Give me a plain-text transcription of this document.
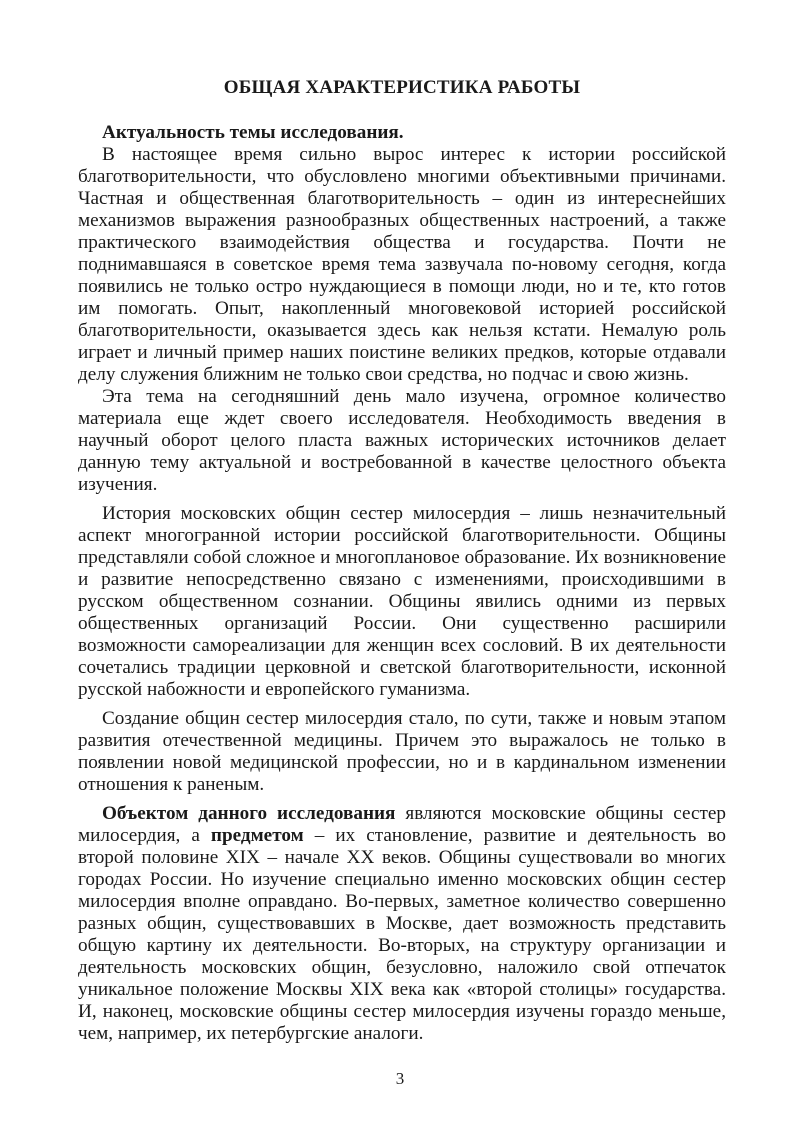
ОБЩАЯ ХАРАКТЕРИСТИКА РАБОТЫ

Актуальность темы исследования.

В настоящее время сильно вырос интерес к истории российской благотворительности, что обусловлено многими объективными причинами. Частная и общественная благотворительность – один из интереснейших механизмов выражения разнообразных общественных настроений, а также практического взаимодействия общества и государства. Почти не поднимавшаяся в советское время тема зазвучала по-новому сегодня, когда появились не только остро нуждающиеся в помощи люди, но и те, кто готов им помогать. Опыт, накопленный многовековой историей российской благотворительности, оказывается здесь как нельзя кстати. Немалую роль играет и личный пример наших поистине великих предков, которые отдавали делу служения ближним не только свои средства, но подчас и свою жизнь.

Эта тема на сегодняшний день мало изучена, огромное количество материала еще ждет своего исследователя. Необходимость введения в научный оборот целого пласта важных исторических источников делает данную тему актуальной и востребованной в качестве целостного объекта изучения.

История московских общин сестер милосердия – лишь незначительный аспект многогранной истории российской благотворительности. Общины представляли собой сложное и многоплановое образование. Их возникновение и развитие непосредственно связано с изменениями, происходившими в русском общественном сознании. Общины явились одними из первых общественных организаций России. Они существенно расширили возможности самореализации для женщин всех сословий. В их деятельности сочетались традиции церковной и светской благотворительности, исконной русской набожности и европейского гуманизма.

Создание общин сестер милосердия стало, по сути, также и новым этапом развития отечественной медицины. Причем это выражалось не только в появлении новой медицинской профессии, но и в кардинальном изменении отношения к раненым.

Объектом данного исследования являются московские общины сестер милосердия, а предметом – их становление, развитие и деятельность во второй половине XIX – начале XX веков. Общины существовали во многих городах России. Но изучение специально именно московских общин сестер милосердия вполне оправдано. Во-первых, заметное количество совершенно разных общин, существовавших в Москве, дает возможность представить общую картину их деятельности. Во-вторых, на структуру организации и деятельность московских общин, безусловно, наложило свой отпечаток уникальное положение Москвы XIX века как «второй столицы» государства. И, наконец, московские общины сестер милосердия изучены гораздо меньше, чем, например, их петербургские аналоги.

3
